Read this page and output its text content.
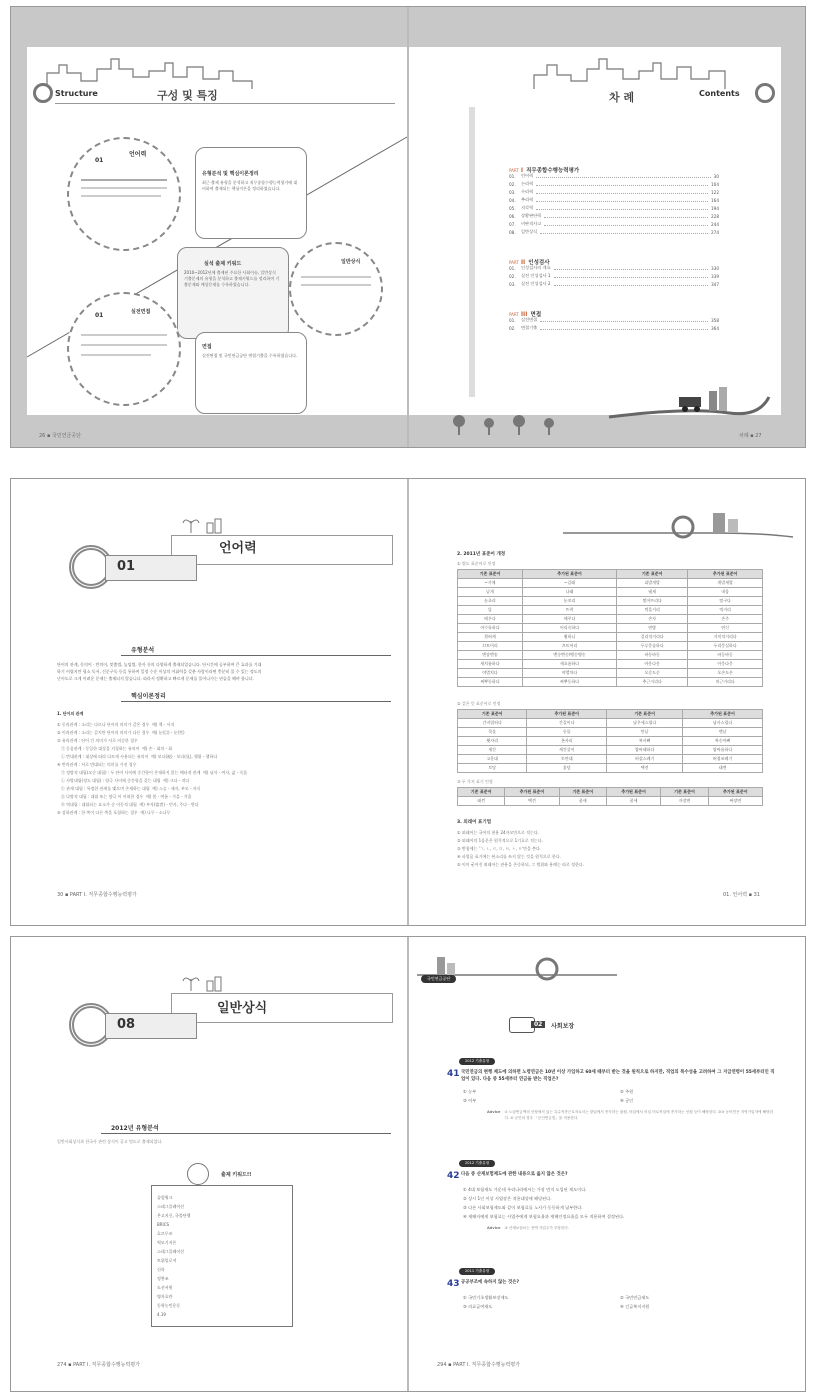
Structure	구성 및 특징
01
언어력
유형분석 및 핵심이론정리
최근 출제 유형을 분석하고 직무종합수행능력평가에 대비하여 출제되는 핵심이론을 정리하였습니다.
실석 출제 키워드
2010~2012년에 출제된 주요한 사회이슈, 일반상식 기출문제의 유형을 분석하고 출제키워드를 정리하여 기출문제와 예상문제를 수록하였습니다.
일반상식
01	실전면접
면접
실전면접 및 국민연금공단 면접기출을 수록하였습니다.
26 ▪ 국민연금공단
차 례	Contents
PART I 직무종합수행능력평가
01.	언어력	30
02.	논리력	104
03.	수리력	122
04.	추리력	164
05.	지각력	194
06.	상황판단력	228
07.	비판적사고	244
08.	일반상식	274
PART II 인성검사
01.	인성검사의 개요	330
02.	실전 인성검사 1	339
03.	실전 인성검사 2	347
PART III 면접
01.	실전면접	358
02.	면접기출	364
차례 ▪ 27
01
언어력
유형분석
단어의 관계, 동의어 · 반의어, 맞춤법, 높임법, 한자 등의 다양하게 출제되었습니다. 단시간에 공부하여 큰 효과를 기대
하기 어렵지만 평소 독서, 신문구독 등을 통하여 일정 수준 이상의 어휘력을 갖춘 사람이라면 충분히 풀 수 있는 정도의
난이도로 크게 어려운 문제는 출제되지 않습니다. 따라서 정확하고 빠르게 문제를 풀어나가는 연습을 해야 합니다.
핵심이론정리
1. 단어의 관계
① 동의관계 : 소리는 다르나 단어의 의미가 같은 경우  예) 책 - 서적
② 이의관계 : 소리는 같지만 단어의 의미가 다른 경우  예) 눈(目) - 눈(雪)
③ 유의관계 : 단어 간 의미가 서로 비슷한 경우
㉠ 동음관계 : 동일한 대상을 지칭하는 유의어  예) 손 - 회의 - 회
㉡ 반대관계 : 대상에 따라 다르게 사용되는 유의어  예) 보다(視) - 보다(見), 행위 - 행하다
④ 반의관계 : 서로 반대되는 의미를 가진 경우
㉠ 정방적 대립(모순 대립) : 두 단어 사이에 중간항이 존재하지 않는 배타적 관계  예) 남자 - 여자, 삶 - 죽음
㉡ 사방대립(정도 대립) : 양극 사이에 중간항을 갖는 대립  예) 크다 - 작다
㉢ 관계 대립 : 특정한 관계를 맺으며 존재하는 대립  예) 스승 - 제자, 부모 - 자식
㉣ 다방적 대립 : 대립 또는 양극 이 어떠한 경우  예) 봄 - 여름 - 가을 - 겨울
㉤ 역대립 : 대립되는 요소가 순 이동적 대립  예) 부자(富者) - 빈자, 주다 - 받다
⑤ 상하관계 : 한 쪽이 다른 쪽을 포함하는 경우  예) 나무 - 소나무
30 ▪ PART Ⅰ. 직무종합수행능력평가
2. 2011년 표준어 개정
① 별도 표준어로 인정
기존 표준어	추가된 표준어	기존 표준어	추가된 표준어
~기에	~길래	괴발개발	개발새발
날개	나래	냄새	내음
눈초리	눈꼬리	떨어뜨리다	떨구다
뜰	뜨락	먹을거리	먹거리
메우다	메꾸다	손자	손주
어수룩하다	어리숙하다	연방	연신
힁허케	휭하니	걸리적거리다	거치적거리다
끄트머리	끄트머리	두루뭉술하다	두리뭉실하다
맨송맨송	맨숭맨숭/맹숭맹숭	바동바동	바둥바둥
새치름하다	새초롬하다	아옹다옹	아웅다웅
야멸치다	야멸차다	오순도순	오손도손
찌뿌듯하다	찌뿌둥하다	추근거리다	치근거리다
② 같은 뜻 표준어로 인정
기존 표준어	추가된 표준어	기존 표준어	추가된 표준어
간지럽히다	간질이다	남우세스럽다	남사스럽다
목물	등물	만날	맨날
묏자리	묫자리	복사뼈	복숭아뼈
세간	세간살이	쌉싸래하다	쌉싸름하다
고운대	토란대	허섭스레기	허접쓰레기
토담	흙담	택견	태껸
③ 두 가지 표기 인정
기존 표준어	추가된 표준어	기존 표준어	추가된 표준어	기존 표준어	추가된 표준어
태껸	택견	품새	품세	자장면	짜장면
3. 외래어 표기법
① 외래어는 국어의 현용 24자모만으로 적는다.
② 외래어의 1음운은 원칙적으로 1기호로 적는다.
③ 받침에는 'ㄱ, ㄴ, ㄹ, ㅁ, ㅂ, ㅅ, ㅇ'만을 쓴다.
④ 파열음 표기에는 된소리를 쓰지 않는 것을 원칙으로 한다.
⑤ 이미 굳어진 외래어는 관용을 존중하되, 그 범위와 용례는 따로 정한다.
01. 언어력 ▪ 31
08
일반상식
2012년 유형분석
일반사회상식과 한국사 관련 상식이 골고 범도로 출제되었다.
출제 키워드!!
슬럼워크
스태그플레이션
온고지신, 국불단행
BRICS
호르무즈
역모기지론
스태그플레이션
트위밀로져
신라
정봉조
도선서원
병자호란
동학농민운동
4.19
274 ▪ PART Ⅰ. 직무종합수행능력평가
국민연금공단
02	사회보장
2012 기출유형
41 국민연금의 현행 제도에 의하면 노령연금은 10년 이상 가입하고 60세 때부터 받는 것을 원칙으로 하지만, 직업의 특수성을 고려하여 그 지급연령이 55세부터인 직업이 있다. 다음 중 55세부터 연금을 받는 직업은?
① 농부	② 주원
③ 어부	④ 군인
Advice ① 노령연금액의 산정에서 있는 특수직종근로자로서는 광업에서 종사하는 광원, 어업에서 어업 어로작업에 종사하는 선원 등이 해당한다. ②③ 농어민은 지역가입자에 해당한다. ④ 군인의 경우 「군인연금법」을 적용한다.
2012 기출유형
42 다음 중 산재보험제도에 관한 내용으로 옳지 않은 것은?
① 4대 보험제도 가운데 우리나라에서는 가장 먼저 도입된 제도이다.
② 상시 1인 이상 사업장은 적용대상에 해당된다.
③ 다른 사회보험제도와 같이 보험료를 노사가 동등하게 납부한다.
④ 재해자에게 보험료는 사업주에게 보험요율과 재해인정요율을 모두 적용하여 결정된다.
Advice ③ 산재보험료는 전액 사업주가 부담한다.
2011 기출유형
43 공공부조에 속하지 않는 것은?
① 국민기초생활보장제도	② 국민연금제도
③ 의료급여제도	④ 긴급복지지원
294 ▪ PART Ⅰ. 직무종합수행능력평가
